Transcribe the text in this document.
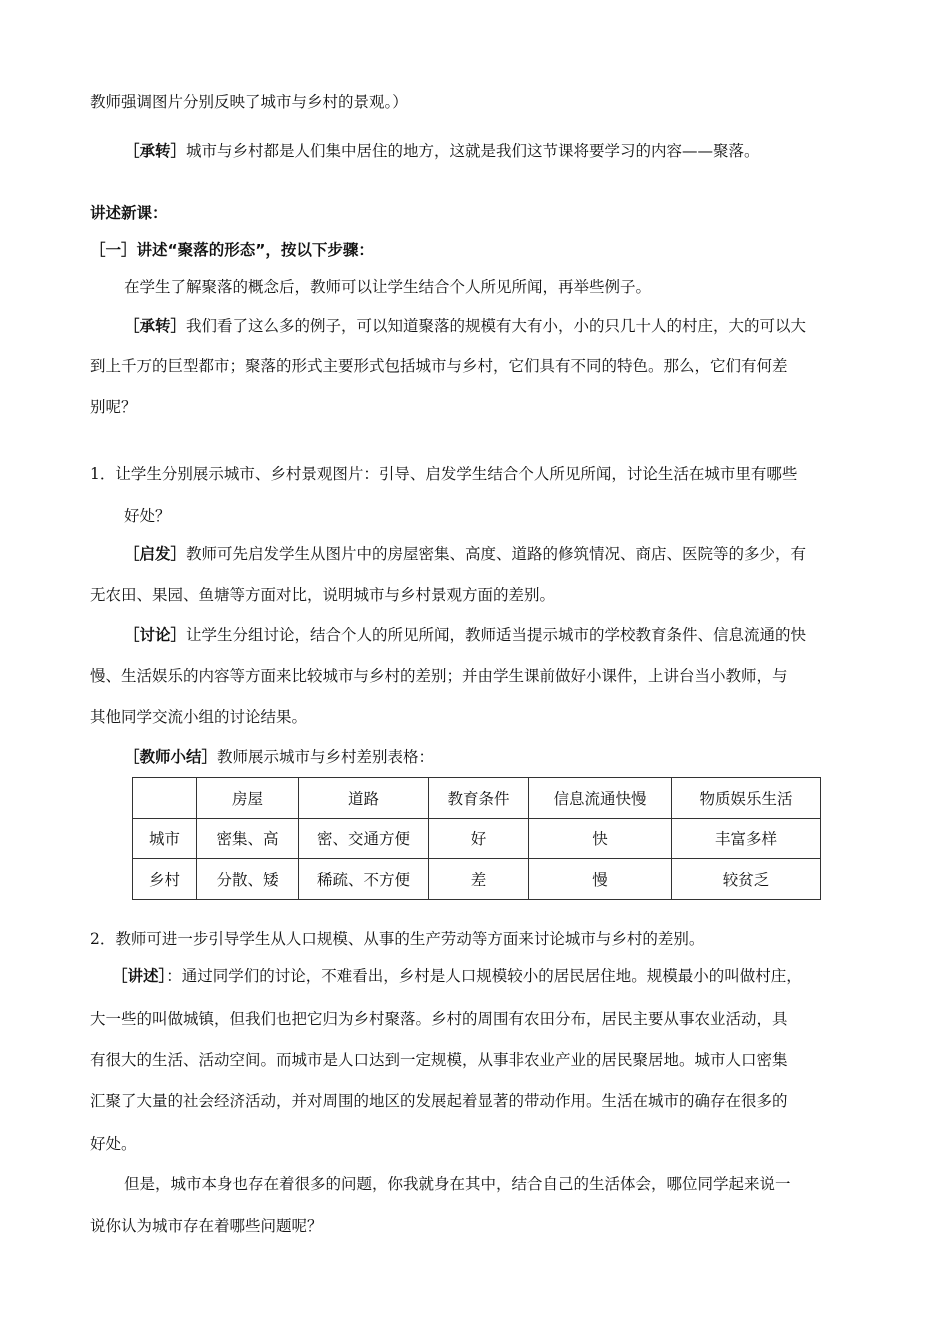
教师强调图片分别反映了城市与乡村的景观。）
［承转］城市与乡村都是人们集中居住的地方，这就是我们这节课将要学习的内容——聚落。
讲述新课：
［一］讲述“聚落的形态”，按以下步骤：
在学生了解聚落的概念后，教师可以让学生结合个人所见所闻，再举些例子。
［承转］我们看了这么多的例子，可以知道聚落的规模有大有小，小的只几十人的村庄，大的可以大
到上千万的巨型都市；聚落的形式主要形式包括城市与乡村，它们具有不同的特色。那么，它们有何差
别呢？
1．让学生分别展示城市、乡村景观图片：引导、启发学生结合个人所见所闻，讨论生活在城市里有哪些
好处？
［启发］教师可先启发学生从图片中的房屋密集、高度、道路的修筑情况、商店、医院等的多少，有
无农田、果园、鱼塘等方面对比，说明城市与乡村景观方面的差别。
［讨论］让学生分组讨论，结合个人的所见所闻，教师适当提示城市的学校教育条件、信息流通的快
慢、生活娱乐的内容等方面来比较城市与乡村的差别；并由学生课前做好小课件，上讲台当小教师，与
其他同学交流小组的讨论结果。
［教师小结］教师展示城市与乡村差别表格：
	房屋	道路	教育条件	信息流通快慢	物质娱乐生活
城市	密集、高	密、交通方便	好	快	丰富多样
乡村	分散、矮	稀疏、不方便	差	慢	较贫乏
2．教师可进一步引导学生从人口规模、从事的生产劳动等方面来讨论城市与乡村的差别。
［讲述］：通过同学们的讨论，不难看出，乡村是人口规模较小的居民居住地。规模最小的叫做村庄，
大一些的叫做城镇，但我们也把它归为乡村聚落。乡村的周围有农田分布，居民主要从事农业活动，具
有很大的生活、活动空间。而城市是人口达到一定规模，从事非农业产业的居民聚居地。城市人口密集
汇聚了大量的社会经济活动，并对周围的地区的发展起着显著的带动作用。生活在城市的确存在很多的
好处。
但是，城市本身也存在着很多的问题，你我就身在其中，结合自己的生活体会，哪位同学起来说一
说你认为城市存在着哪些问题呢？
